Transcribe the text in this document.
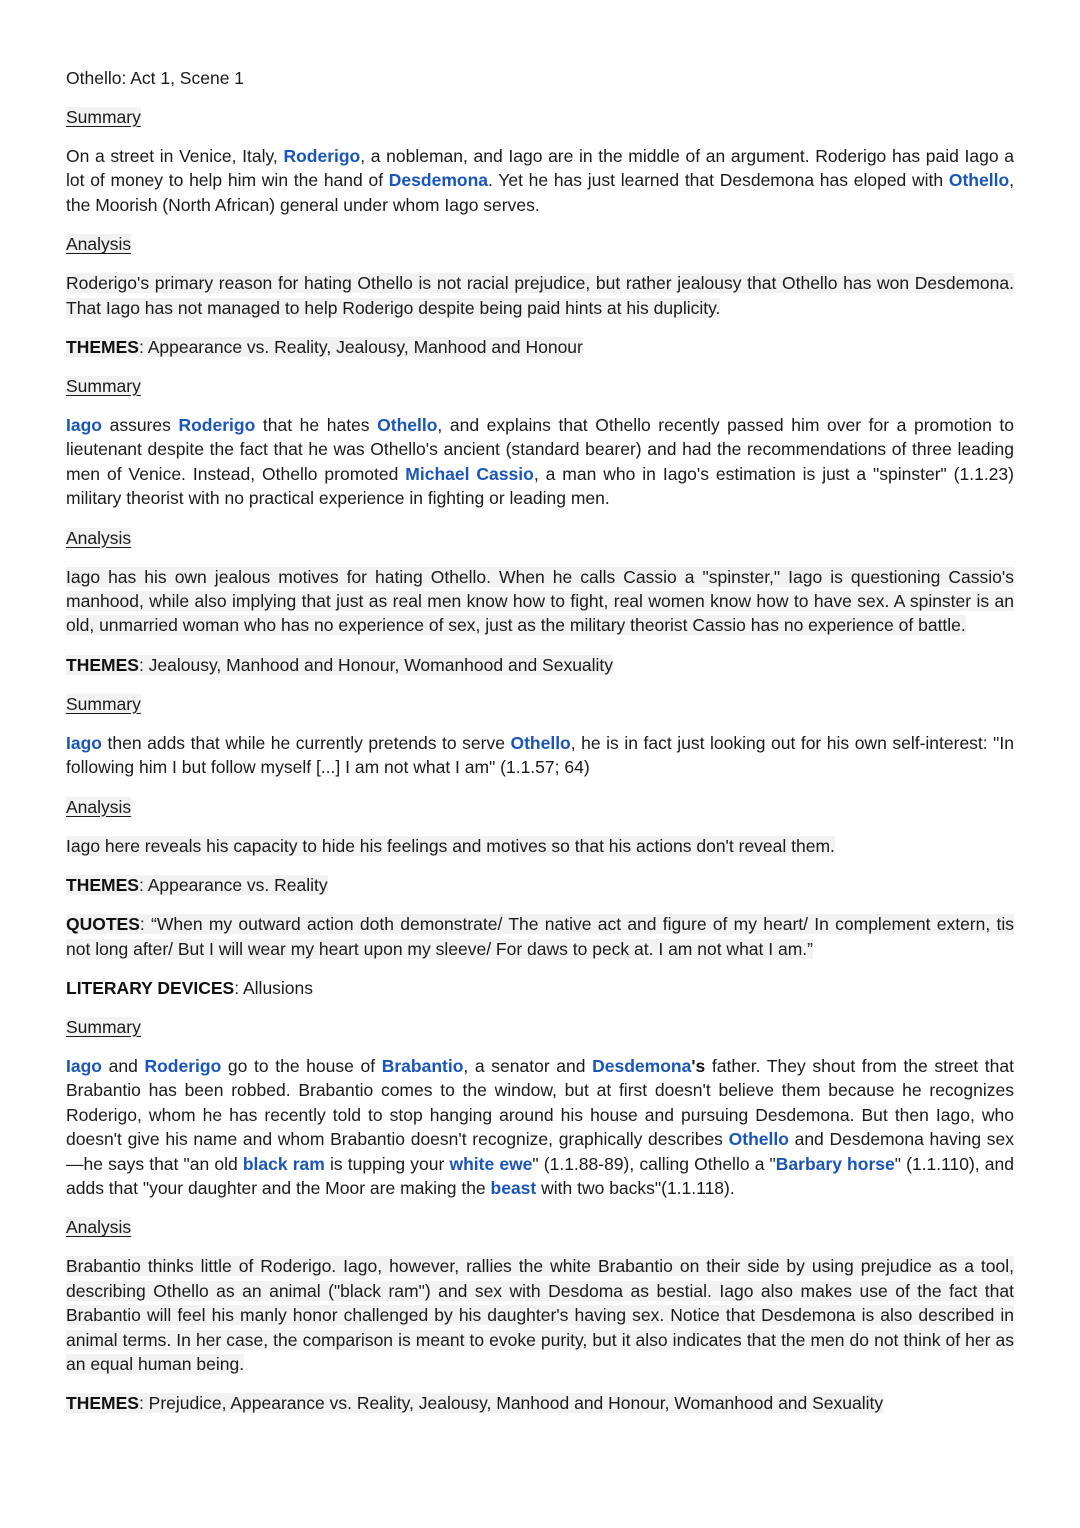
Othello: Act 1, Scene 1
Summary
On a street in Venice, Italy, Roderigo, a nobleman, and Iago are in the middle of an argument. Roderigo has paid Iago a lot of money to help him win the hand of Desdemona. Yet he has just learned that Desdemona has eloped with Othello, the Moorish (North African) general under whom Iago serves.
Analysis
Roderigo's primary reason for hating Othello is not racial prejudice, but rather jealousy that Othello has won Desdemona. That Iago has not managed to help Roderigo despite being paid hints at his duplicity.
THEMES: Appearance vs. Reality, Jealousy, Manhood and Honour
Summary
Iago assures Roderigo that he hates Othello, and explains that Othello recently passed him over for a promotion to lieutenant despite the fact that he was Othello's ancient (standard bearer) and had the recommendations of three leading men of Venice. Instead, Othello promoted Michael Cassio, a man who in Iago's estimation is just a "spinster" (1.1.23) military theorist with no practical experience in fighting or leading men.
Analysis
Iago has his own jealous motives for hating Othello. When he calls Cassio a "spinster," Iago is questioning Cassio's manhood, while also implying that just as real men know how to fight, real women know how to have sex. A spinster is an old, unmarried woman who has no experience of sex, just as the military theorist Cassio has no experience of battle.
THEMES: Jealousy, Manhood and Honour, Womanhood and Sexuality
Summary
Iago then adds that while he currently pretends to serve Othello, he is in fact just looking out for his own self-interest: "In following him I but follow myself [...] I am not what I am" (1.1.57; 64)
Analysis
Iago here reveals his capacity to hide his feelings and motives so that his actions don't reveal them.
THEMES: Appearance vs. Reality
QUOTES: “When my outward action doth demonstrate/ The native act and figure of my heart/ In complement extern, tis not long after/ But I will wear my heart upon my sleeve/ For daws to peck at. I am not what I am.”
LITERARY DEVICES: Allusions
Summary
Iago and Roderigo go to the house of Brabantio, a senator and Desdemona's father. They shout from the street that Brabantio has been robbed. Brabantio comes to the window, but at first doesn't believe them because he recognizes Roderigo, whom he has recently told to stop hanging around his house and pursuing Desdemona. But then Iago, who doesn't give his name and whom Brabantio doesn't recognize, graphically describes Othello and Desdemona having sex—he says that "an old black ram is tupping your white ewe" (1.1.88-89), calling Othello a "Barbary horse" (1.1.110), and adds that "your daughter and the Moor are making the beast with two backs"(1.1.118).
Analysis
Brabantio thinks little of Roderigo. Iago, however, rallies the white Brabantio on their side by using prejudice as a tool, describing Othello as an animal ("black ram") and sex with Desdoma as bestial. Iago also makes use of the fact that Brabantio will feel his manly honor challenged by his daughter's having sex. Notice that Desdemona is also described in animal terms. In her case, the comparison is meant to evoke purity, but it also indicates that the men do not think of her as an equal human being.
THEMES: Prejudice, Appearance vs. Reality, Jealousy, Manhood and Honour, Womanhood and Sexuality
